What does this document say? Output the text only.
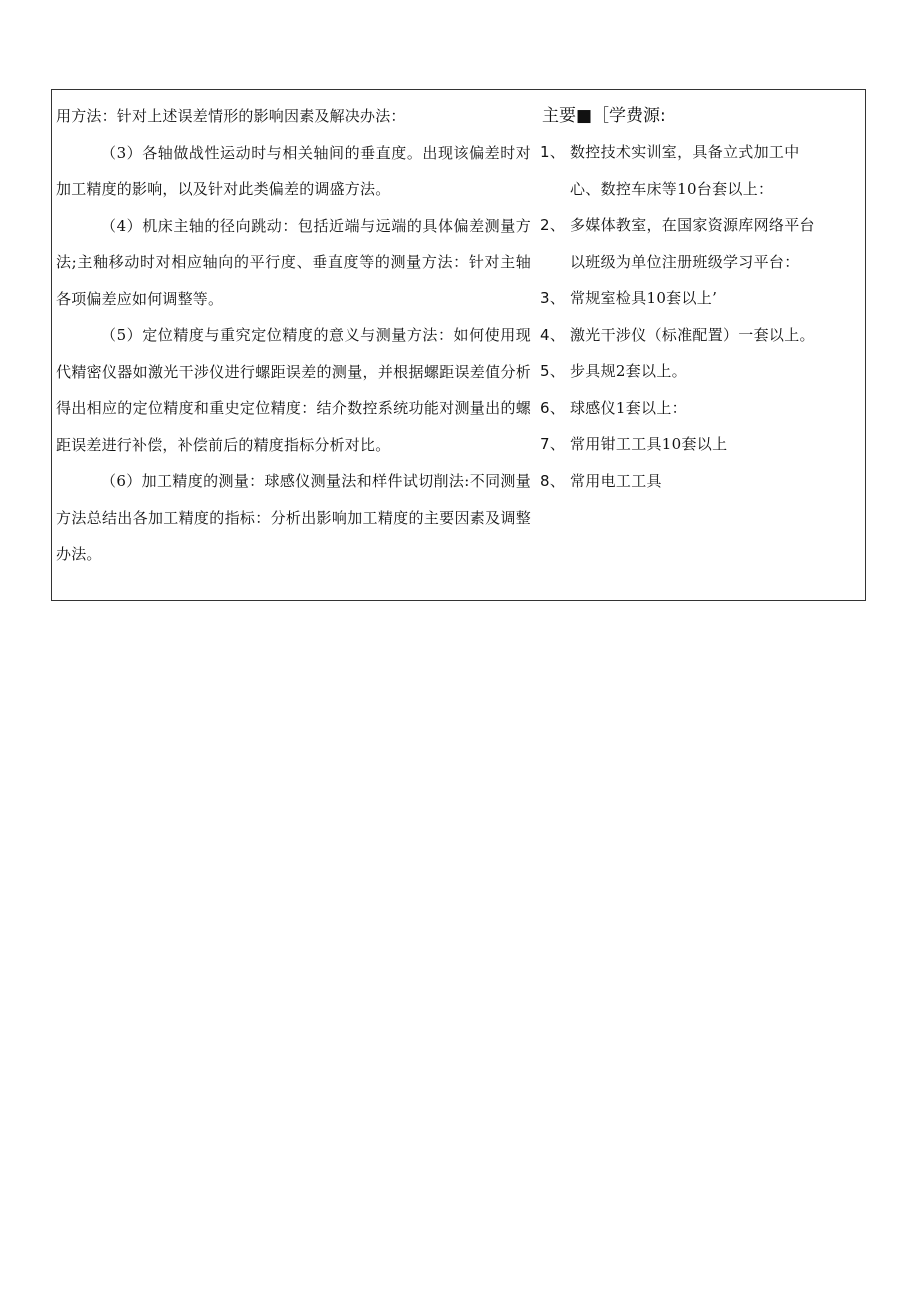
用方法：针对上述误差情形的影响因素及解决办法：

（3）各轴做战性运动时与相关轴间的垂直度。出现该偏差时对加工精度的影响，以及针对此类偏差的调盛方法。

（4）机床主轴的径向跳动：包括近端与远端的具体偏差测量方法;主釉移动时对相应轴向的平行度、垂直度等的测量方法：针对主轴各项偏差应如何调整等。

（5）定位精度与重究定位精度的意义与测量方法：如何使用现代精密仪器如激光干涉仪进行螺距误差的测量，并根据螺距误差值分析得出相应的定位精度和重史定位精度：结介数控系统功能对测量出的螺距误差进行补偿，补偿前后的精度指标分析对比。

（6）加工精度的测量：球感仪测量法和样件试切削法:不同测量方法总结出各加工精度的指标：分析出影响加工精度的主要因素及调整办法。

主要■［学费源:

1、 数控技术实训室，具备立式加工中
心、数控车床等10台套以上：
2、 多媒体教室，在国家资源库网络平台
以班级为单位注册班级学习平台：
3、 常规室检具10套以上’
4、 激光干涉仪（标准配置）一套以上。
5、 步具规2套以上。
6、 球感仪1套以上：
7、 常用钳工工具10套以上
8、 常用电工工具
